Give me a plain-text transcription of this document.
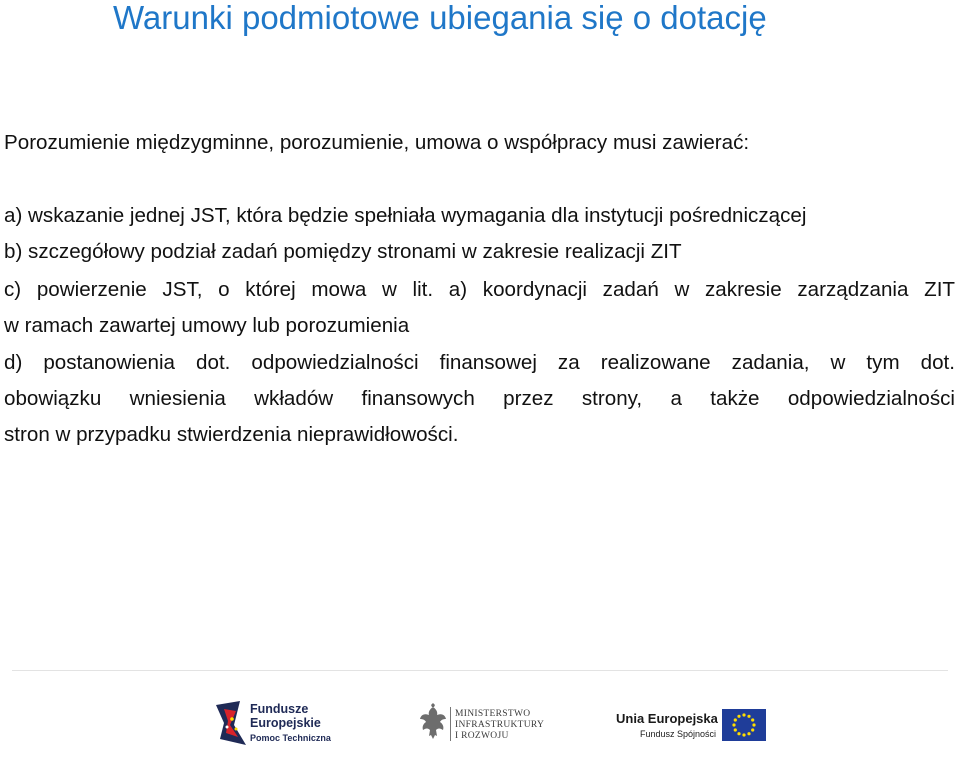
Warunki podmiotowe ubiegania się o dotację
Porozumienie międzygminne, porozumienie, umowa o współpracy musi zawierać:
a) wskazanie jednej JST, która będzie spełniała wymagania dla instytucji pośredniczącej
b) szczegółowy podział zadań pomiędzy stronami w zakresie realizacji ZIT
c) powierzenie JST, o której mowa w lit. a) koordynacji zadań w zakresie zarządzania ZIT
w ramach zawartej umowy lub porozumienia
d) postanowienia dot. odpowiedzialności finansowej za realizowane zadania, w tym dot.
obowiązku wniesienia wkładów finansowych przez strony, a także odpowiedzialności
stron w przypadku stwierdzenia nieprawidłowości.
Fundusze
Europejskie
Pomoc Techniczna
MINISTERSTWO
INFRASTRUKTURY
I ROZWOJU
Unia Europejska
Fundusz Spójności
